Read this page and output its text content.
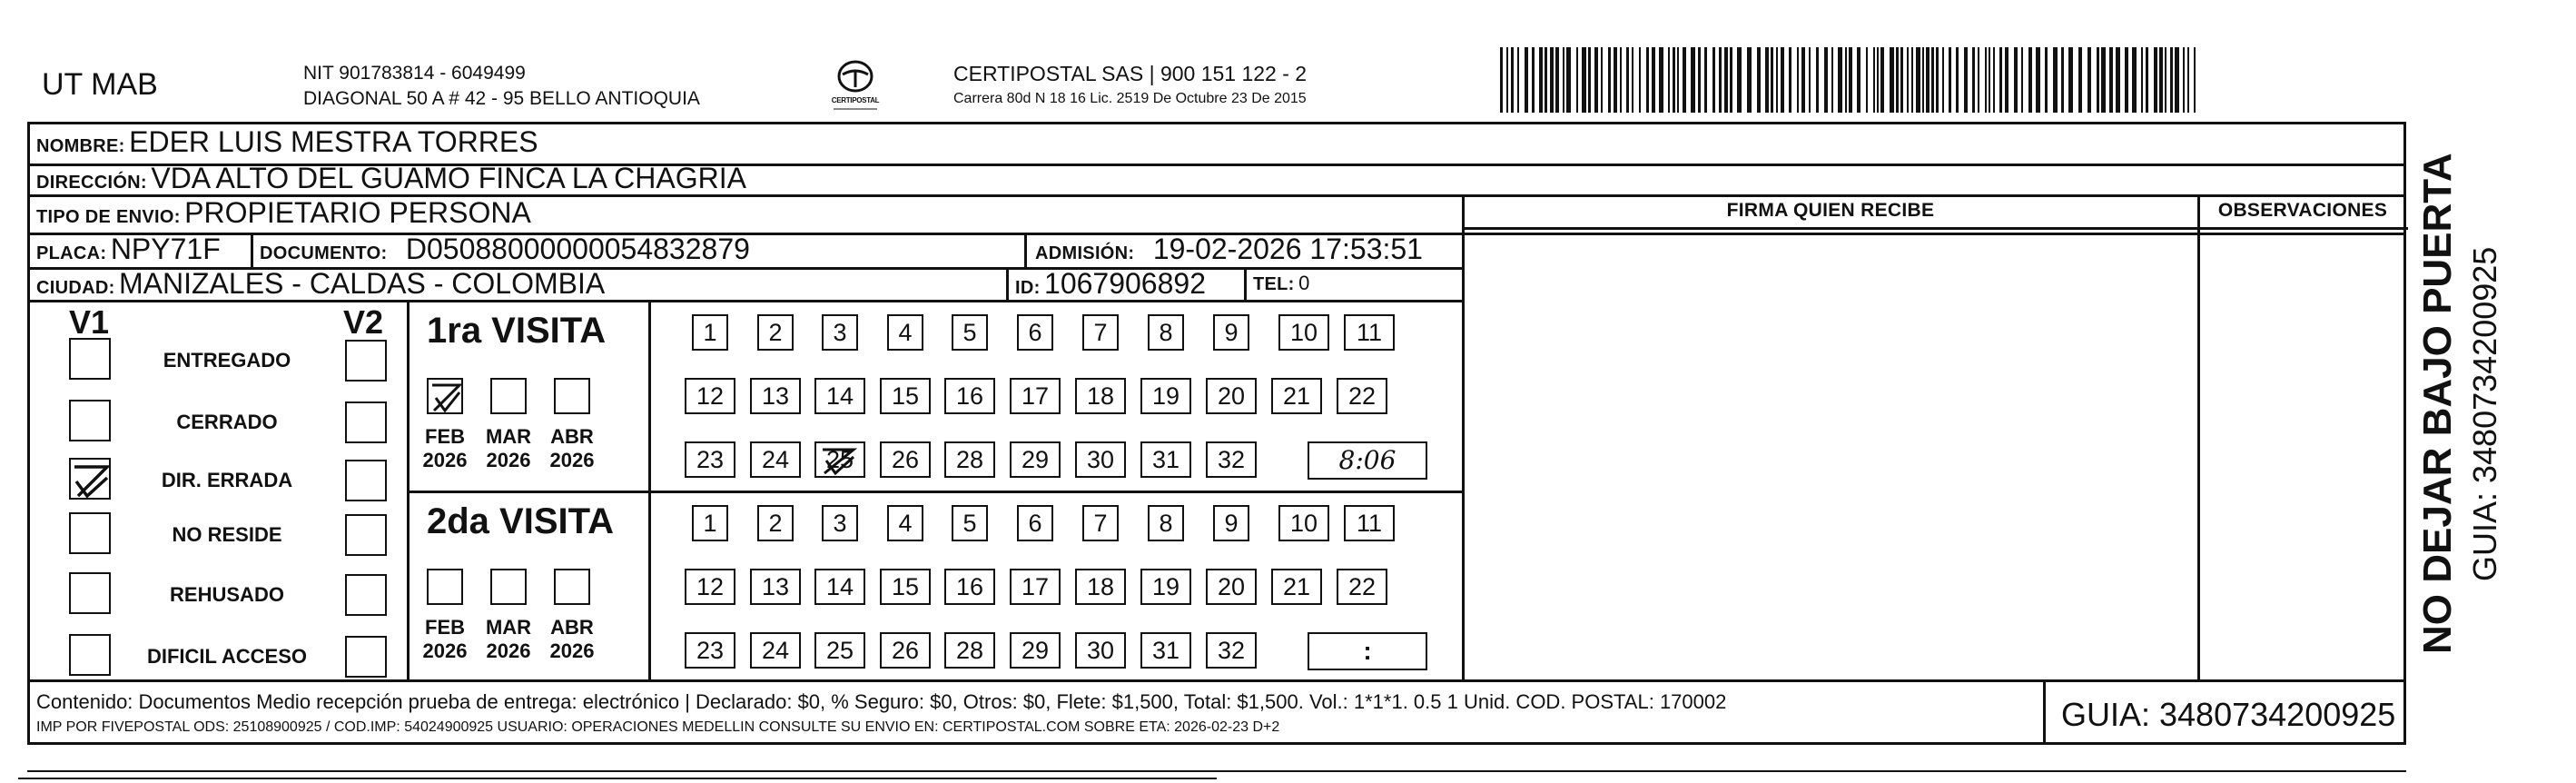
UT MAB	NIT 901783814 - 6049499
DIAGONAL 50 A # 42 - 95 BELLO ANTIOQUIA	CERTIPOSTAL
CERTIPOSTAL SAS | 900 151 122 - 2
Carrera 80d N 18 16 Lic. 2519 De Octubre 23 De 2015
NOMBRE: EDER LUIS MESTRA TORRES
DIRECCIÓN: VDA ALTO DEL GUAMO FINCA LA CHAGRIA
TIPO DE ENVIO: PROPIETARIO PERSONA
PLACA: NPY71F DOCUMENTO: D05088000000054832879	ADMISIÓN: 19-02-2026 17:53:51
CIUDAD: MANIZALES - CALDAS - COLOMBIA	ID: 1067906892	TEL: 0
FIRMA QUIEN RECIBE	OBSERVACIONES
V1	V2
ENTREGADO
CERRADO
DIR. ERRADA
NO RESIDE
REHUSADO
DIFICIL ACCESO
1ra VISITA
FEB
2026
MAR
2026
ABR
2026
1	2	3	4	5	6	7	8	9	10	11
12	13	14	15	16	17	18	19	20	21	22
23	24	25	26	28	29	30	31	32	8:06
2da VISITA
FEB
2026
MAR
2026
ABR
2026
1	2	3	4	5	6	7	8	9	10	11
12	13	14	15	16	17	18	19	20	21	22
23	24	25	26	28	29	30	31	32	:
Contenido: Documentos Medio recepción prueba de entrega: electrónico | Declarado: $0, % Seguro: $0, Otros: $0, Flete: $1,500, Total: $1,500. Vol.: 1*1*1. 0.5 1 Unid. COD. POSTAL: 170002
IMP POR FIVEPOSTAL ODS: 25108900925 / COD.IMP: 54024900925 USUARIO: OPERACIONES MEDELLIN CONSULTE SU ENVIO EN: CERTIPOSTAL.COM SOBRE ETA: 2026-02-23 D+2	GUIA: 3480734200925
NO DEJAR BAJO PUERTA GUIA: 3480734200925
